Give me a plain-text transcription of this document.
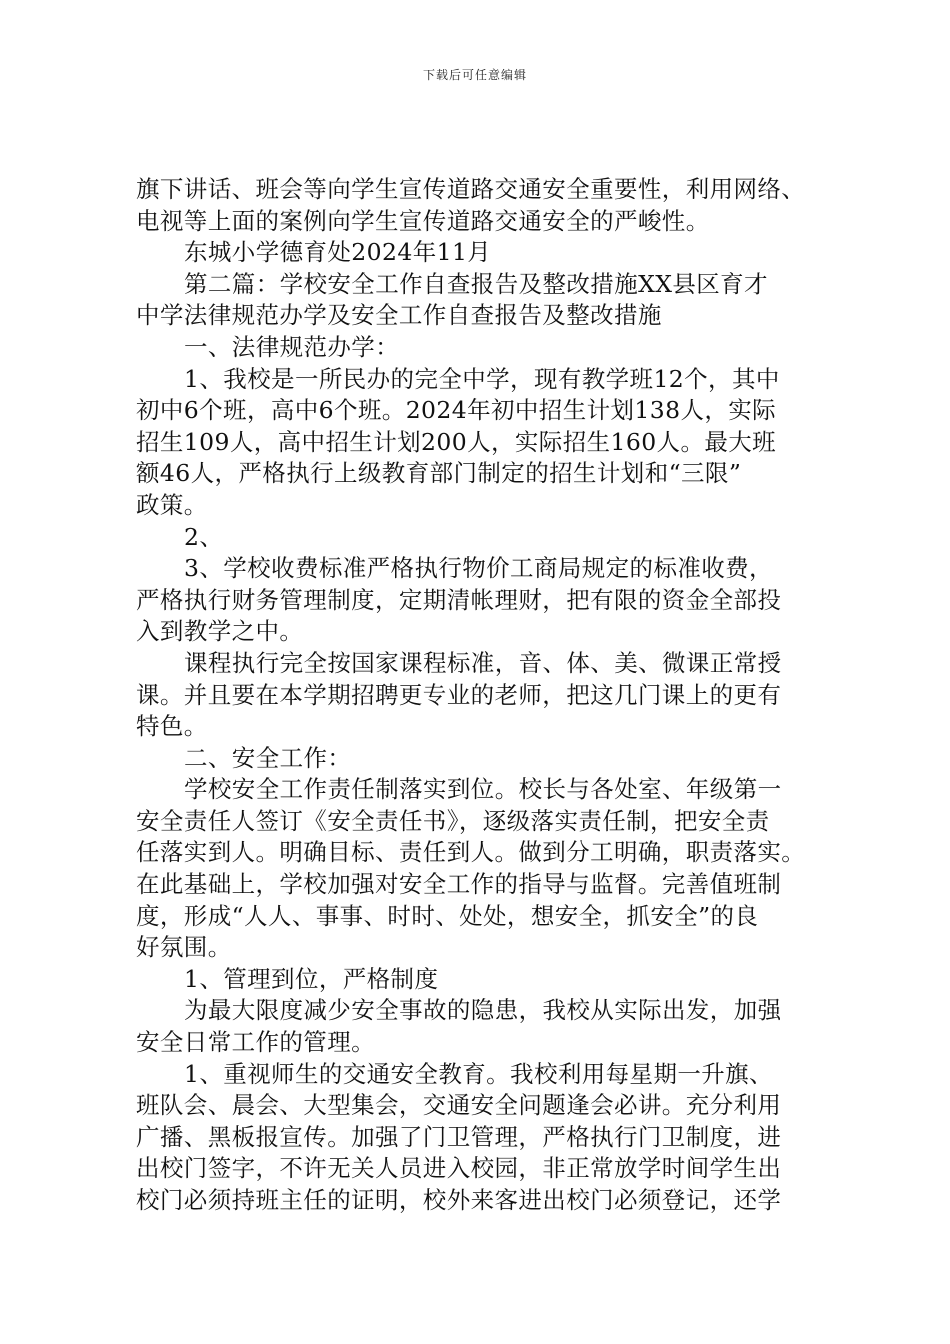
下载后可任意编辑
旗下讲话、班会等向学生宣传道路交通安全重要性，利用网络、
电视等上面的案例向学生宣传道路交通安全的严峻性。
东城小学德育处2024年11月
第二篇：学校安全工作自查报告及整改措施XX县区育才
中学法律规范办学及安全工作自查报告及整改措施
一、法律规范办学：
1、我校是一所民办的完全中学，现有教学班12个，其中
初中6个班，高中6个班。2024年初中招生计划138人，实际
招生109人，高中招生计划200人，实际招生160人。最大班
额46人，严格执行上级教育部门制定的招生计划和“三限”
政策。
2、
3、学校收费标准严格执行物价工商局规定的标准收费，
严格执行财务管理制度，定期清帐理财，把有限的资金全部投
入到教学之中。
课程执行完全按国家课程标准，音、体、美、微课正常授
课。并且要在本学期招聘更专业的老师，把这几门课上的更有
特色。
二、安全工作：
学校安全工作责任制落实到位。校长与各处室、年级第一
安全责任人签订《安全责任书》，逐级落实责任制，把安全责
任落实到人。明确目标、责任到人。做到分工明确，职责落实。
在此基础上，学校加强对安全工作的指导与监督。完善值班制
度，形成“人人、事事、时时、处处，想安全，抓安全”的良
好氛围。
1、管理到位，严格制度
为最大限度减少安全事故的隐患，我校从实际出发，加强
安全日常工作的管理。
1、重视师生的交通安全教育。我校利用每星期一升旗、
班队会、晨会、大型集会，交通安全问题逢会必讲。充分利用
广播、黑板报宣传。加强了门卫管理，严格执行门卫制度，进
出校门签字，不许无关人员进入校园，非正常放学时间学生出
校门必须持班主任的证明，校外来客进出校门必须登记，还学
